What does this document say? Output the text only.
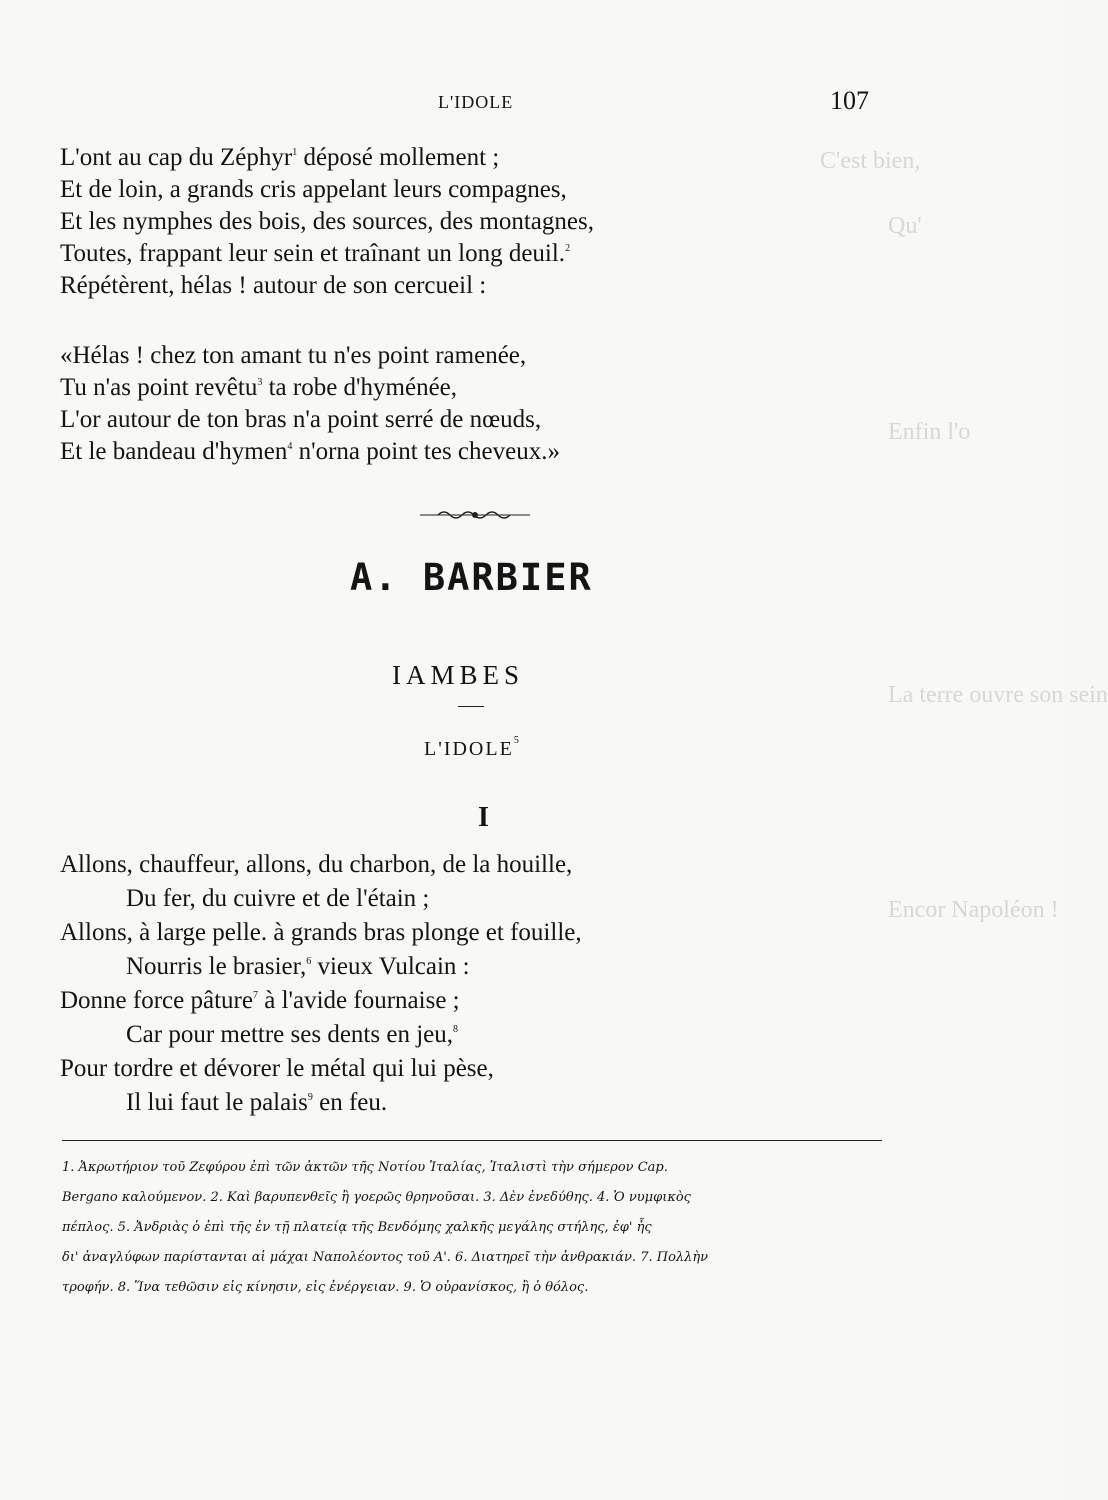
L'IDOLE	107
C'est bien,
Qu'
Enfin l'o
La terre ouvre son sein
Encor Napoléon !
L'ont au cap du Zéphyr$^1$ déposé mollement ;
Et de loin, a grands cris appelant leurs compagnes,
Et les nymphes des bois, des sources, des montagnes,
Toutes, frappant leur sein et traînant un long deuil.$^2$
Répétèrent, hélas ! autour de son cercueil :
«Hélas ! chez ton amant tu n'es point ramenée,
Tu n'as point revêtu$^3$ ta robe d'hyménée,
L'or autour de ton bras n'a point serré de nœuds,
Et le bandeau d'hymen$^4$ n'orna point tes cheveux.»
A. BARBIER
IAMBES
L'IDOLE$^5$
I
Allons, chauffeur, allons, du charbon, de la houille,
Du fer, du cuivre et de l'étain ;
Allons, à large pelle. à grands bras plonge et fouille,
Nourris le brasier,$^6$ vieux Vulcain :
Donne force pâture$^7$ à l'avide fournaise ;
Car pour mettre ses dents en jeu,$^8$
Pour tordre et dévorer le métal qui lui pèse,
Il lui faut le palais$^9$ en feu.
1. Ἀκρωτήριον τοῦ Ζεφύρου ἐπὶ τῶν ἀκτῶν τῆς Νοτίου Ἰταλίας, Ἰταλιστὶ τὴν σήμερον Cap.
Bergano καλούμενον. 2. Καὶ βαρυπενθεῖς ἢ γοερῶς θρηνοῦσαι. 3. Δὲν ἐνεδύθης. 4. Ὁ νυμφικὸς
πέπλος. 5. Ἀνδριὰς ὁ ἐπὶ τῆς ἐν τῇ πλατείᾳ τῆς Βενδόμης χαλκῆς μεγάλης στήλης, ἐφ' ἧς
δι' ἀναγλύφων παρίστανται αἱ μάχαι Ναπολέοντος τοῦ Α'. 6. Διατηρεῖ τὴν ἀνθρακιάν. 7. Πολλὴν
τροφήν. 8. Ἵνα τεθῶσιν εἰς κίνησιν, εἰς ἐνέργειαν. 9. Ὁ οὐρανίσκος, ἢ ὁ θόλος.
